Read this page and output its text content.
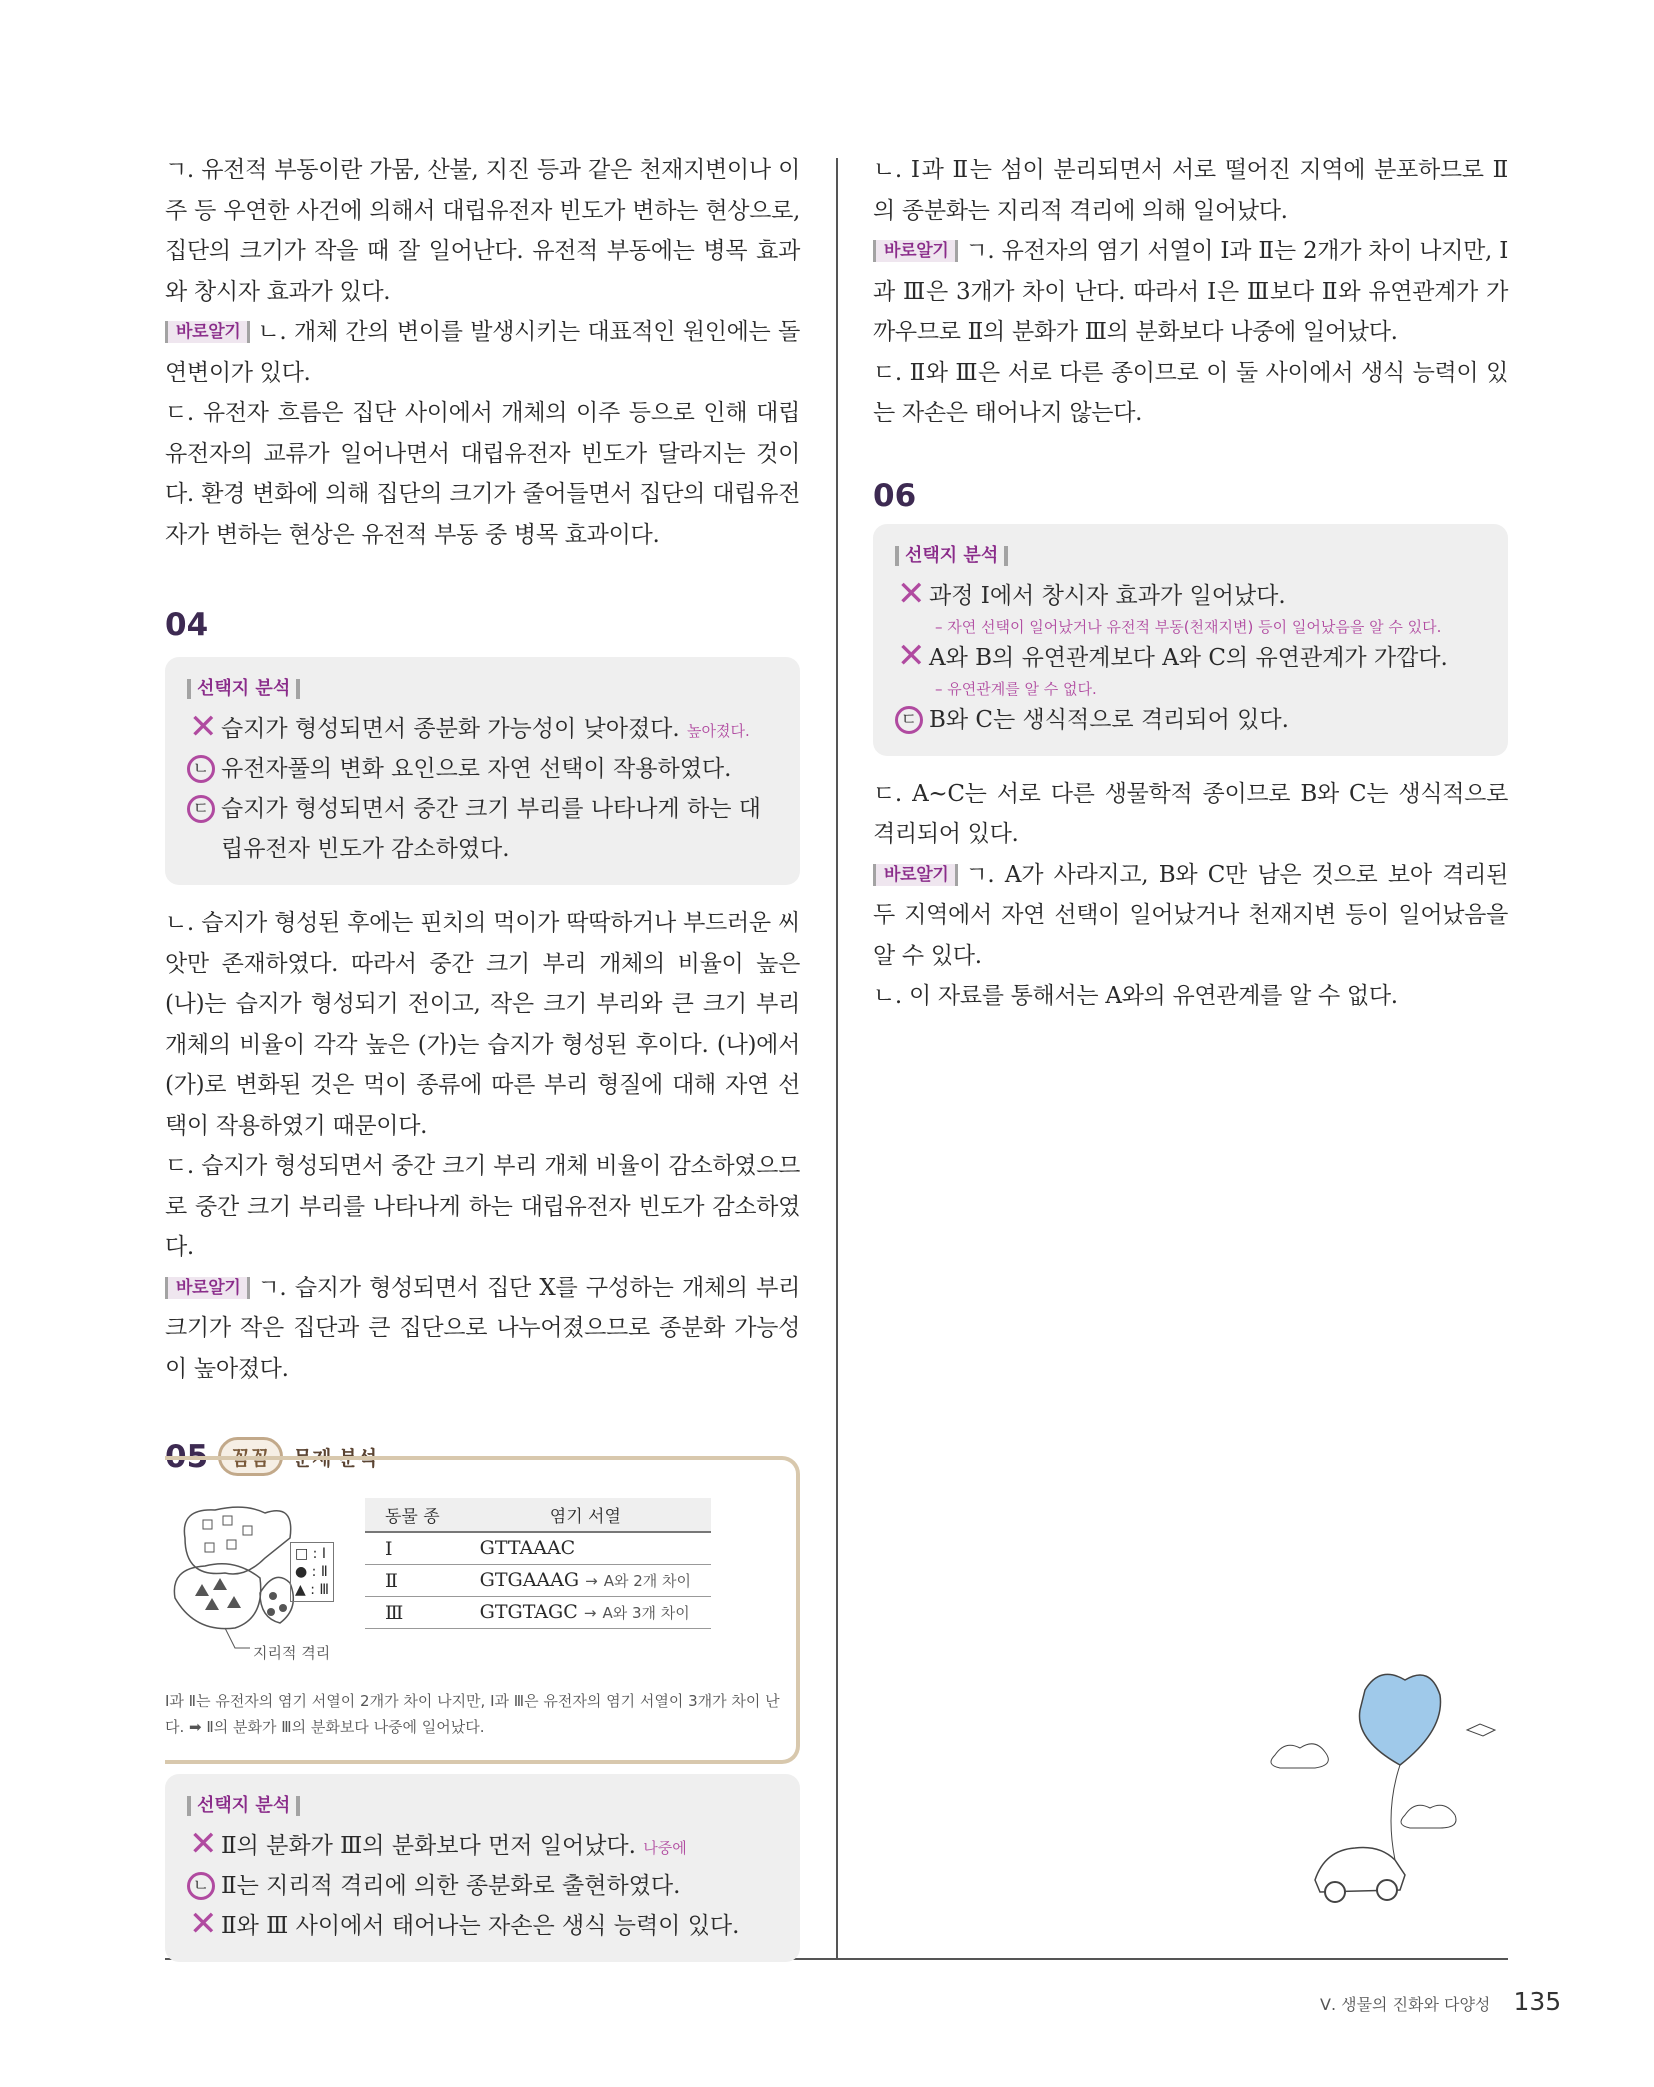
ㄱ. 유전적 부동이란 가뭄, 산불, 지진 등과 같은 천재지변이나 이주 등 우연한 사건에 의해서 대립유전자 빈도가 변하는 현상으로, 집단의 크기가 작을 때 잘 일어난다. 유전적 부동에는 병목 효과와 창시자 효과가 있다.

바로알기 ㄴ. 개체 간의 변이를 발생시키는 대표적인 원인에는 돌연변이가 있다.

ㄷ. 유전자 흐름은 집단 사이에서 개체의 이주 등으로 인해 대립유전자의 교류가 일어나면서 대립유전자 빈도가 달라지는 것이다. 환경 변화에 의해 집단의 크기가 줄어들면서 집단의 대립유전자가 변하는 현상은 유전적 부동 중 병목 효과이다.

04
선택지 분석
✕ 습지가 형성되면서 종분화 가능성이 낮아졌다. 높아졌다.
ㄴ 유전자풀의 변화 요인으로 자연 선택이 작용하였다.
ㄷ 습지가 형성되면서 중간 크기 부리를 나타나게 하는 대립유전자 빈도가 감소하였다.

ㄴ. 습지가 형성된 후에는 핀치의 먹이가 딱딱하거나 부드러운 씨앗만 존재하였다. 따라서 중간 크기 부리 개체의 비율이 높은 (나)는 습지가 형성되기 전이고, 작은 크기 부리와 큰 크기 부리 개체의 비율이 각각 높은 (가)는 습지가 형성된 후이다. (나)에서 (가)로 변화된 것은 먹이 종류에 따른 부리 형질에 대해 자연 선택이 작용하였기 때문이다.

ㄷ. 습지가 형성되면서 중간 크기 부리 개체 비율이 감소하였으므로 중간 크기 부리를 나타나게 하는 대립유전자 빈도가 감소하였다.

바로알기 ㄱ. 습지가 형성되면서 집단 X를 구성하는 개체의 부리 크기가 작은 집단과 큰 집단으로 나누어졌으므로 종분화 가능성이 높아졌다.

05	꼼꼼	문제 분석
□ : Ⅰ
● : Ⅱ
▲ : Ⅲ
지리적 격리
동물 종	염기 서열
Ⅰ	GTTAAAC
Ⅱ	GTGAAAG → A와 2개 차이
Ⅲ	GTGTAGC → A와 3개 차이
Ⅰ과 Ⅱ는 유전자의 염기 서열이 2개가 차이 나지만, Ⅰ과 Ⅲ은 유전자의 염기 서열이 3개가 차이 난다. ➡ Ⅱ의 분화가 Ⅲ의 분화보다 나중에 일어났다.
선택지 분석
✕ Ⅱ의 분화가 Ⅲ의 분화보다 먼저 일어났다. 나중에
ㄴ Ⅱ는 지리적 격리에 의한 종분화로 출현하였다.
✕ Ⅱ와 Ⅲ 사이에서 태어나는 자손은 생식 능력이 있다.

ㄴ. Ⅰ과 Ⅱ는 섬이 분리되면서 서로 떨어진 지역에 분포하므로 Ⅱ의 종분화는 지리적 격리에 의해 일어났다.

바로알기 ㄱ. 유전자의 염기 서열이 Ⅰ과 Ⅱ는 2개가 차이 나지만, Ⅰ과 Ⅲ은 3개가 차이 난다. 따라서 Ⅰ은 Ⅲ보다 Ⅱ와 유연관계가 가까우므로 Ⅱ의 분화가 Ⅲ의 분화보다 나중에 일어났다.

ㄷ. Ⅱ와 Ⅲ은 서로 다른 종이므로 이 둘 사이에서 생식 능력이 있는 자손은 태어나지 않는다.

06
선택지 분석
✕ 과정 Ⅰ에서 창시자 효과가 일어났다.
– 자연 선택이 일어났거나 유전적 부동(천재지변) 등이 일어났음을 알 수 있다.
✕ A와 B의 유연관계보다 A와 C의 유연관계가 가깝다.
– 유연관계를 알 수 없다.
ㄷ B와 C는 생식적으로 격리되어 있다.

ㄷ. A~C는 서로 다른 생물학적 종이므로 B와 C는 생식적으로 격리되어 있다.

바로알기 ㄱ. A가 사라지고, B와 C만 남은 것으로 보아 격리된 두 지역에서 자연 선택이 일어났거나 천재지변 등이 일어났음을 알 수 있다.

ㄴ. 이 자료를 통해서는 A와의 유연관계를 알 수 없다.

Ⅴ. 생물의 진화와 다양성 135
